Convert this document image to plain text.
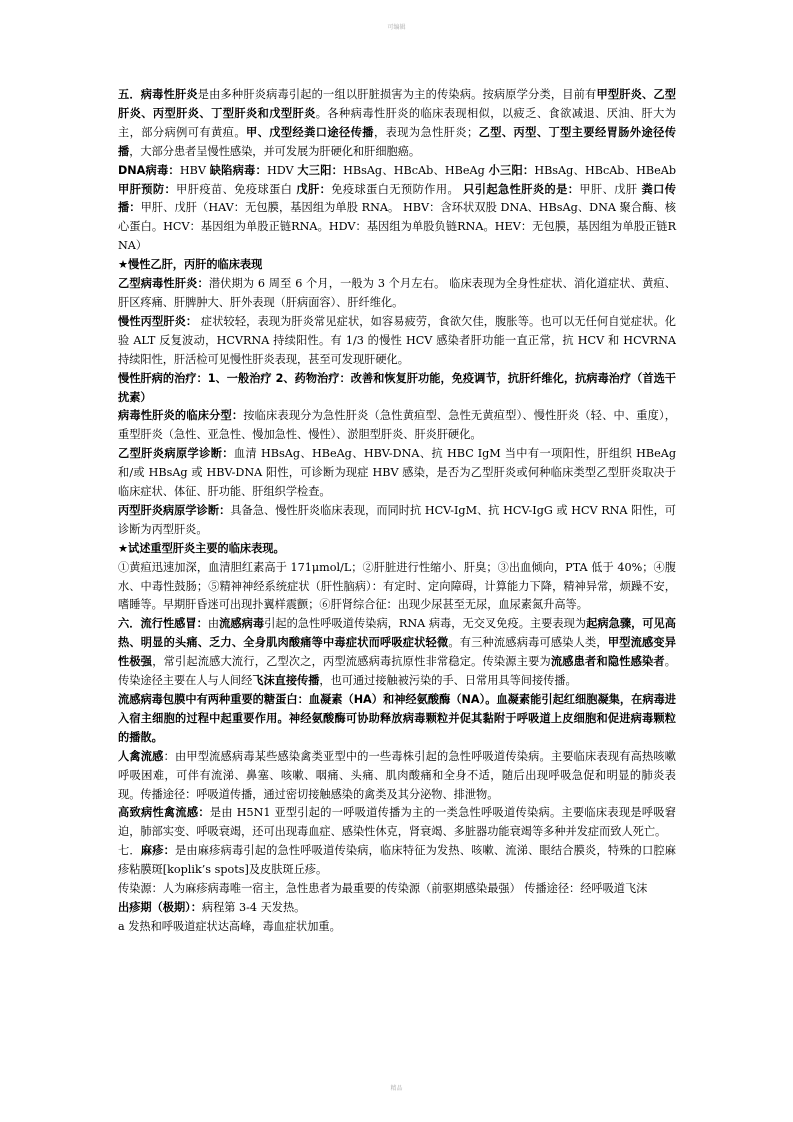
可编辑

五．病毒性肝炎是由多种肝炎病毒引起的一组以肝脏损害为主的传染病。按病原学分类，目前有甲型肝炎、乙型肝炎、丙型肝炎、丁型肝炎和戊型肝炎。各种病毒性肝炎的临床表现相似，以疲乏、食欲减退、厌油、肝大为主，部分病例可有黄疸。甲、戊型经粪口途径传播，表现为急性肝炎；乙型、丙型、丁型主要经胃肠外途径传播，大部分患者呈慢性感染，并可发展为肝硬化和肝细胞癌。

DNA病毒：HBV 缺陷病毒：HDV 大三阳：HBsAg、HBcAb、HBeAg 小三阳：HBsAg、HBcAb、HBeAb 甲肝预防：甲肝疫苗、免疫球蛋白 戊肝：免疫球蛋白无预防作用。 只引起急性肝炎的是：甲肝、戊肝 粪口传播：甲肝、戊肝（HAV：无包膜，基因组为单股 RNA。 HBV：含环状双股 DNA、HBsAg、DNA 聚合酶、核心蛋白。HCV：基因组为单股正链RNA。HDV：基因组为单股负链RNA。HEV：无包膜，基因组为单股正链RNA）

★慢性乙肝，丙肝的临床表现

乙型病毒性肝炎：潜伏期为 6 周至 6 个月，一般为 3 个月左右。 临床表现为全身性症状、消化道症状、黄疸、肝区疼痛、肝脾肿大、肝外表现（肝病面容）、肝纤维化。

慢性丙型肝炎： 症状较轻，表现为肝炎常见症状，如容易疲劳，食欲欠佳，腹胀等。也可以无任何自觉症状。化验 ALT 反复波动，HCVRNA 持续阳性。有 1/3 的慢性 HCV 感染者肝功能一直正常，抗 HCV 和 HCVRNA 持续阳性，肝活检可见慢性肝炎表现，甚至可发现肝硬化。

慢性肝病的治疗：1、一般治疗 2、药物治疗：改善和恢复肝功能，免疫调节，抗肝纤维化，抗病毒治疗（首选干扰素）

病毒性肝炎的临床分型：按临床表现分为急性肝炎（急性黄疸型、急性无黄疸型）、慢性肝炎（轻、中、重度），重型肝炎（急性、亚急性、慢加急性、慢性）、淤胆型肝炎、肝炎肝硬化。

乙型肝炎病原学诊断：血清 HBsAg、HBeAg、HBV-DNA、抗 HBC IgM 当中有一项阳性，肝组织 HBeAg 和/或 HBsAg 或 HBV-DNA 阳性，可诊断为现症 HBV 感染，是否为乙型肝炎或何种临床类型乙型肝炎取决于临床症状、体征、肝功能、肝组织学检查。

丙型肝炎病原学诊断：具备急、慢性肝炎临床表现，而同时抗 HCV-IgM、抗 HCV-IgG 或 HCV RNA 阳性，可诊断为丙型肝炎。

★试述重型肝炎主要的临床表现。

①黄疸迅速加深，血清胆红素高于 171μmol/L；②肝脏进行性缩小、肝臭；③出血倾向，PTA 低于 40%；④腹水、中毒性鼓肠；⑤精神神经系统症状（肝性脑病）：有定时、定向障碍，计算能力下降，精神异常，烦躁不安，嗜睡等。早期肝昏迷可出现扑翼样震颤；⑥肝肾综合征：出现少尿甚至无尿，血尿素氮升高等。

六．流行性感冒：由流感病毒引起的急性呼吸道传染病，RNA 病毒，无交叉免疫。主要表现为起病急骤，可见高热、明显的头痛、乏力、全身肌肉酸痛等中毒症状而呼吸症状轻微。有三种流感病毒可感染人类，甲型流感变异性极强，常引起流感大流行，乙型次之，丙型流感病毒抗原性非常稳定。传染源主要为流感患者和隐性感染者。传染途径主要在人与人间经飞沫直接传播，也可通过接触被污染的手、日常用具等间接传播。

流感病毒包膜中有两种重要的糖蛋白：血凝素（HA）和神经氨酸酶（NA）。血凝素能引起红细胞凝集，在病毒进入宿主细胞的过程中起重要作用。神经氨酸酶可协助释放病毒颗粒并促其黏附于呼吸道上皮细胞和促进病毒颗粒的播散。

人禽流感：由甲型流感病毒某些感染禽类亚型中的一些毒株引起的急性呼吸道传染病。主要临床表现有高热咳嗽呼吸困难，可伴有流涕、鼻塞、咳嗽、咽痛、头痛、肌肉酸痛和全身不适，随后出现呼吸急促和明显的肺炎表现。传播途径：呼吸道传播，通过密切接触感染的禽类及其分泌物、排泄物。

高致病性禽流感：是由 H5N1 亚型引起的一呼吸道传播为主的一类急性呼吸道传染病。主要临床表现是呼吸窘迫，肺部实变、呼吸衰竭，还可出现毒血症、感染性休克，肾衰竭、多脏器功能衰竭等多种并发症而致人死亡。

七．麻疹：是由麻疹病毒引起的急性呼吸道传染病，临床特征为发热、咳嗽、流涕、眼结合膜炎，特殊的口腔麻疹粘膜斑[koplik’s spots]及皮肤斑丘疹。

传染源：人为麻疹病毒唯一宿主，急性患者为最重要的传染源（前驱期感染最强） 传播途径：经呼吸道飞沫

出疹期（极期）：病程第 3-4 天发热。

a 发热和呼吸道症状达高峰，毒血症状加重。

精品
